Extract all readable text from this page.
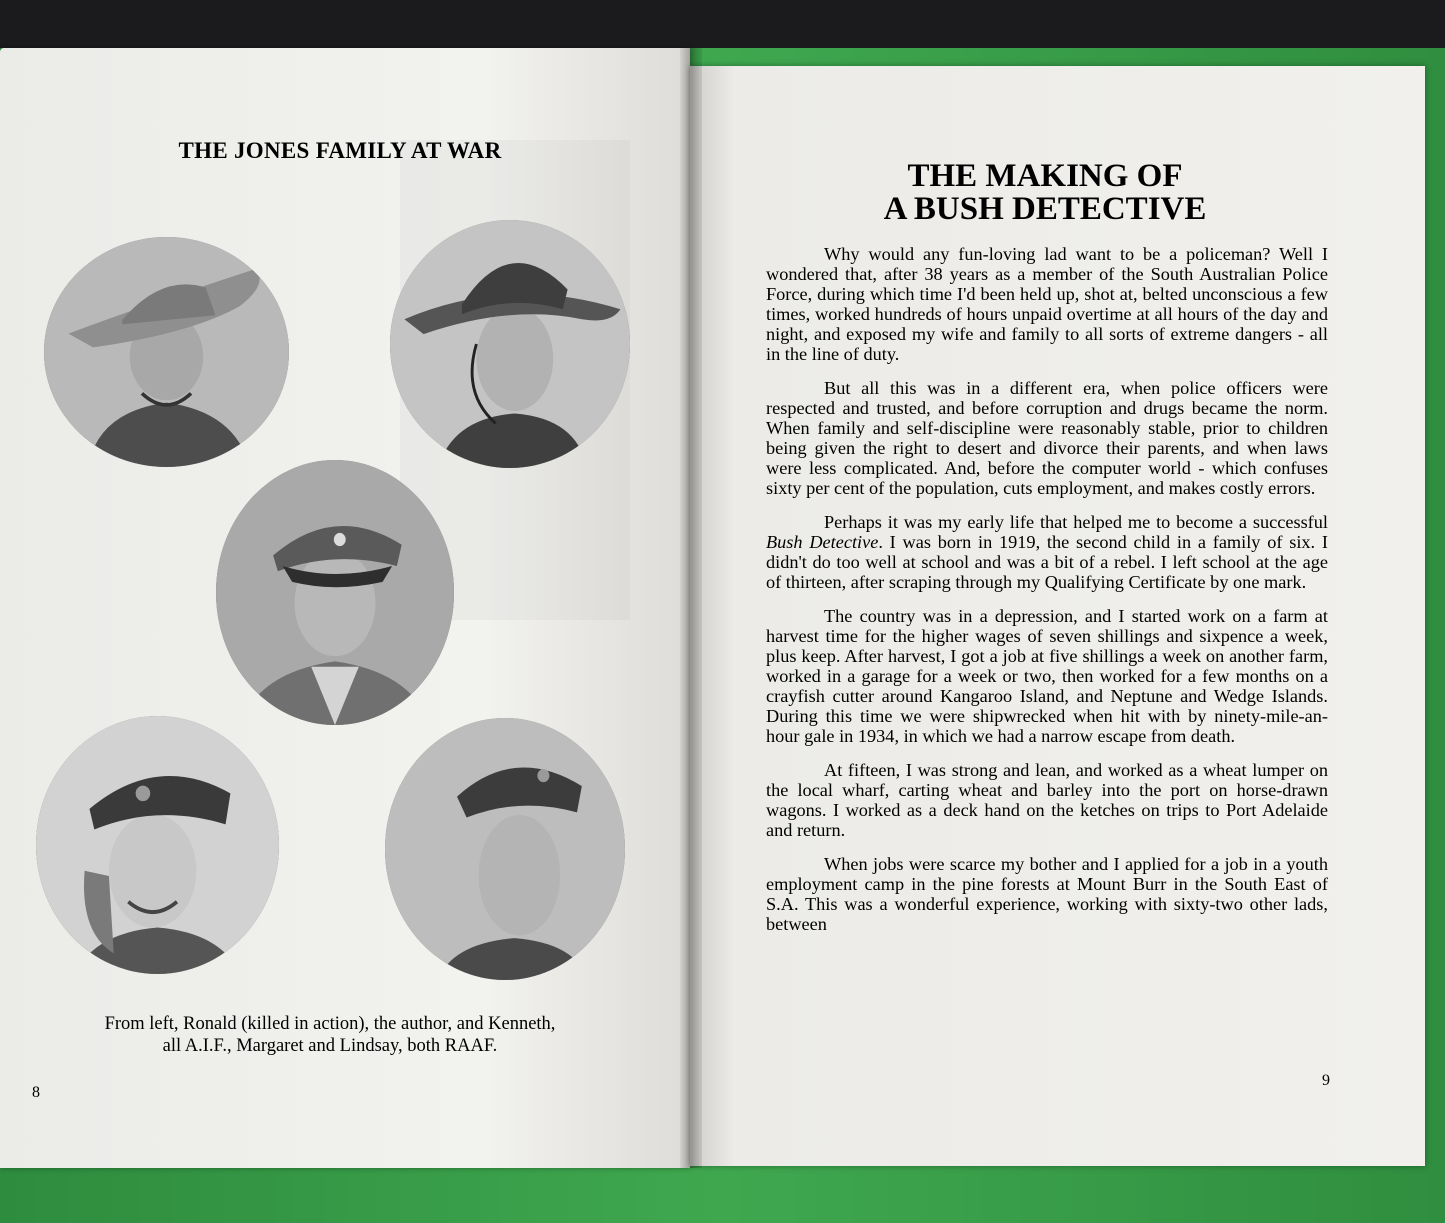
THE JONES FAMILY AT WAR
From left, Ronald (killed in action), the author, and Kenneth,
all A.I.F., Margaret and Lindsay, both RAAF.
8
THE MAKING OF
A BUSH DETECTIVE

Why would any fun-loving lad want to be a policeman? Well I wondered that, after 38 years as a member of the South Australian Police Force, during which time I'd been held up, shot at, belted unconscious a few times, worked hundreds of hours unpaid overtime at all hours of the day and night, and exposed my wife and family to all sorts of extreme dangers - all in the line of duty.

But all this was in a different era, when police officers were respected and trusted, and before corruption and drugs became the norm. When family and self-discipline were reasonably stable, prior to children being given the right to desert and divorce their parents, and when laws were less complicated. And, before the computer world - which confuses sixty per cent of the population, cuts employment, and makes costly errors.

Perhaps it was my early life that helped me to become a successful Bush Detective. I was born in 1919, the second child in a family of six. I didn't do too well at school and was a bit of a rebel. I left school at the age of thirteen, after scraping through my Qualifying Certificate by one mark.

The country was in a depression, and I started work on a farm at harvest time for the higher wages of seven shillings and sixpence a week, plus keep. After harvest, I got a job at five shillings a week on another farm, worked in a garage for a week or two, then worked for a few months on a crayfish cutter around Kangaroo Island, and Neptune and Wedge Islands. During this time we were shipwrecked when hit with by ninety-mile-an-hour gale in 1934, in which we had a narrow escape from death.

At fifteen, I was strong and lean, and worked as a wheat lumper on the local wharf, carting wheat and barley into the port on horse-drawn wagons. I worked as a deck hand on the ketches on trips to Port Adelaide and return.

When jobs were scarce my bother and I applied for a job in a youth employment camp in the pine forests at Mount Burr in the South East of S.A. This was a wonderful experience, working with sixty-two other lads, between

9
